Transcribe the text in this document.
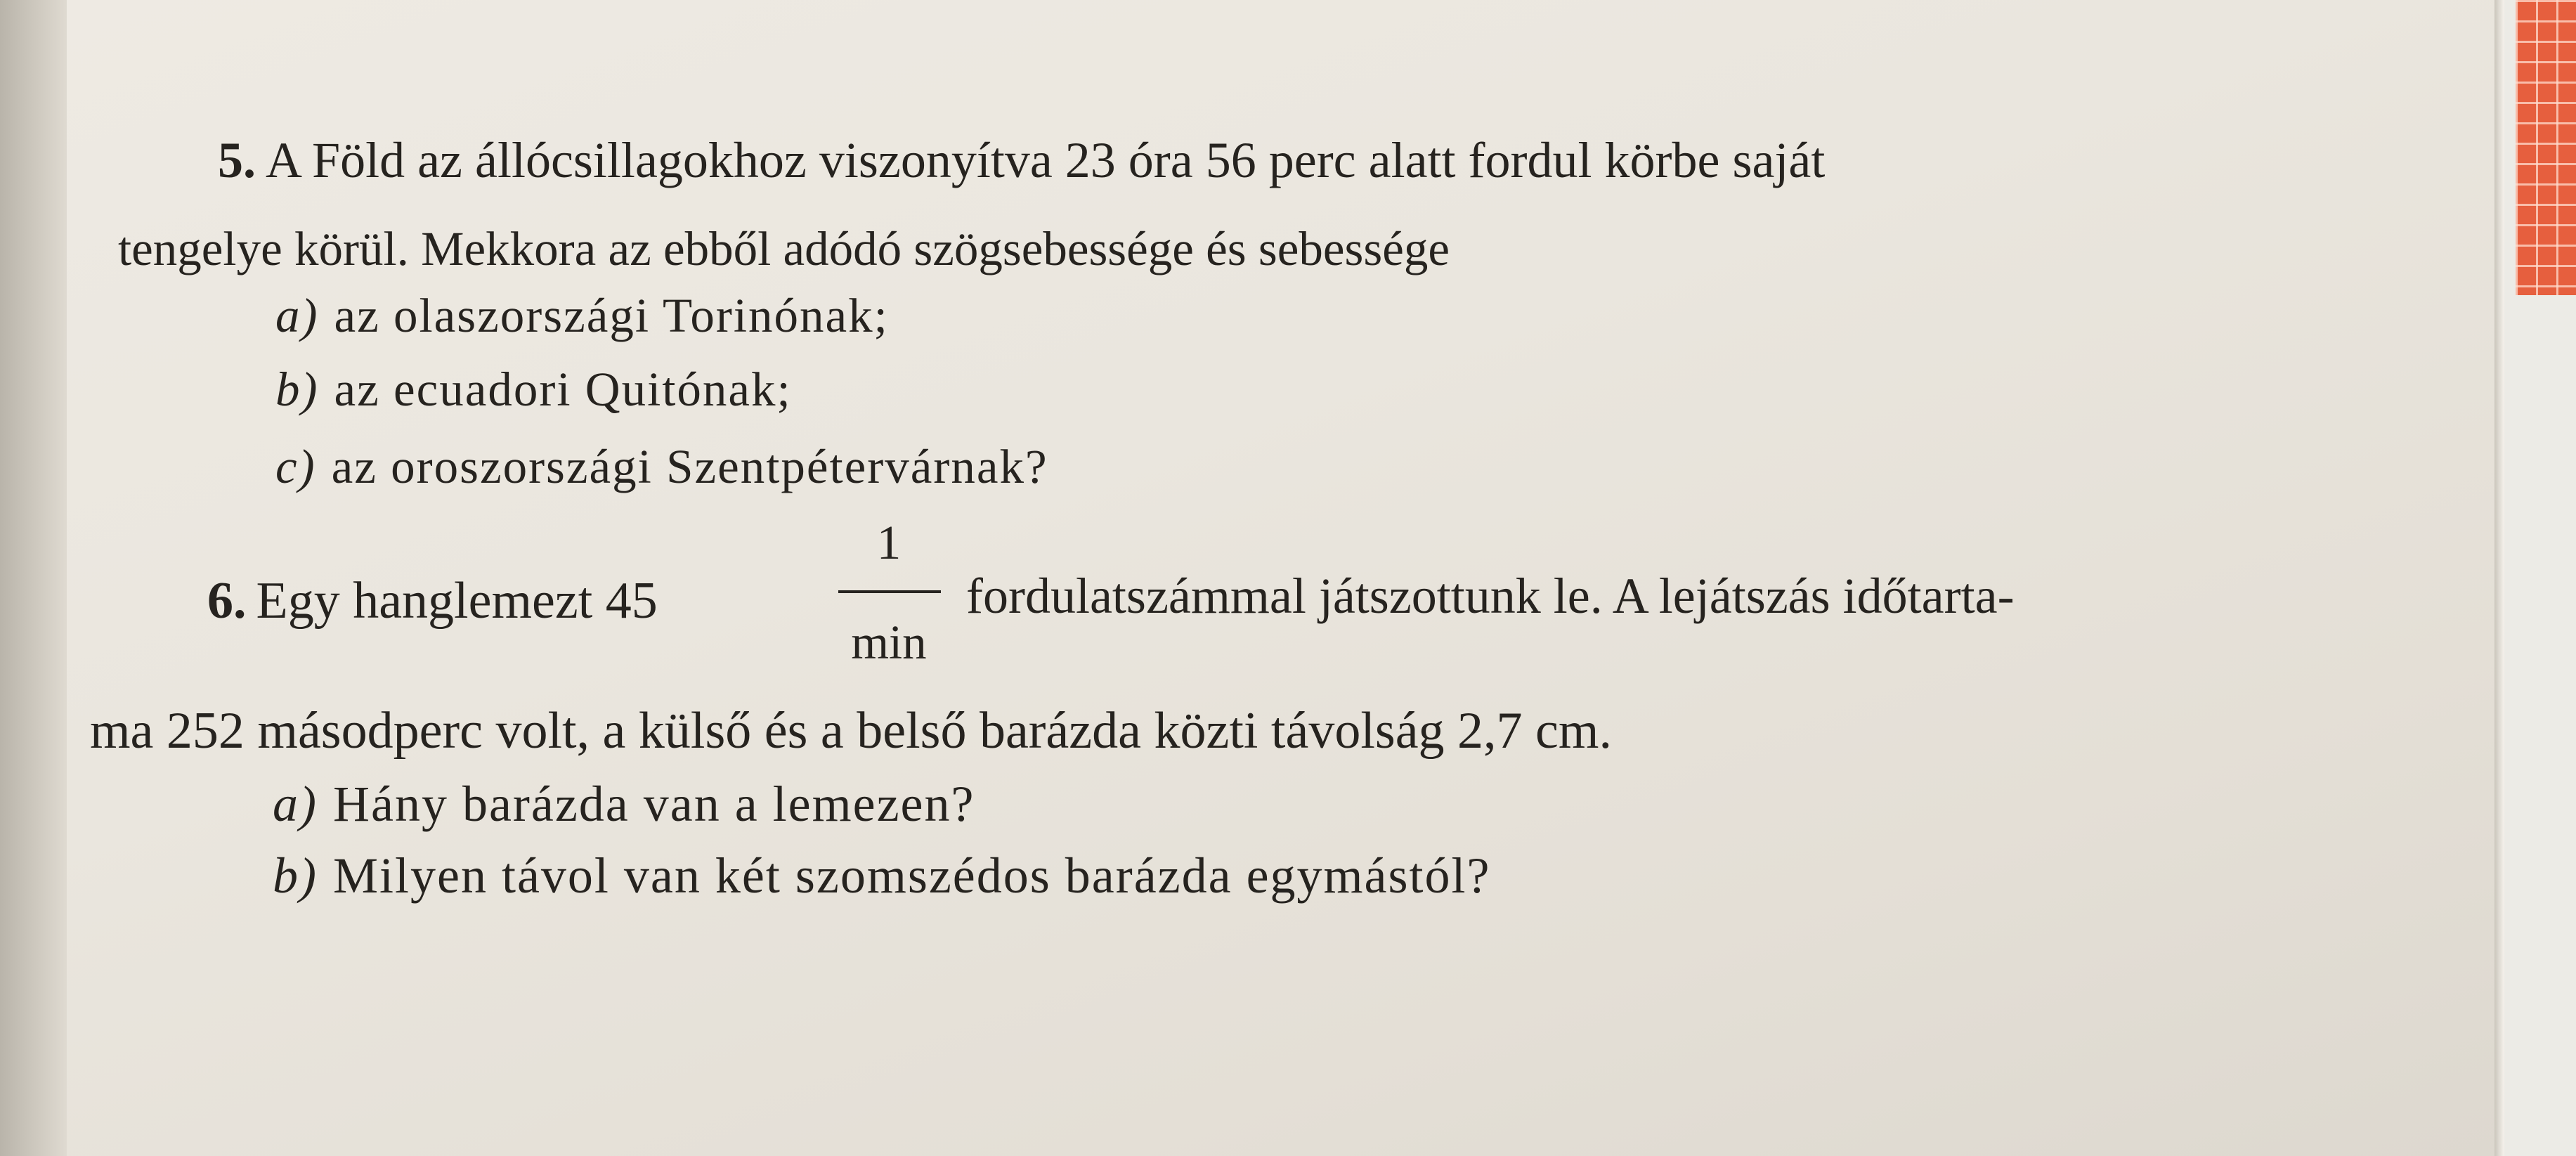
5. A Föld az állócsillagokhoz viszonyítva 23 óra 56 perc alatt fordul körbe saját
tengelye körül. Mekkora az ebből adódó szögsebessége és sebessége
a) az olaszországi Torinónak;
b) az ecuadori Quitónak;
c) az oroszországi Szentpétervárnak?
6. Egy hanglemezt 45
1
min
fordulatszámmal játszottunk le. A lejátszás időtarta-
ma 252 másodperc volt, a külső és a belső barázda közti távolság 2,7 cm.
a) Hány barázda van a lemezen?
b) Milyen távol van két szomszédos barázda egymástól?
